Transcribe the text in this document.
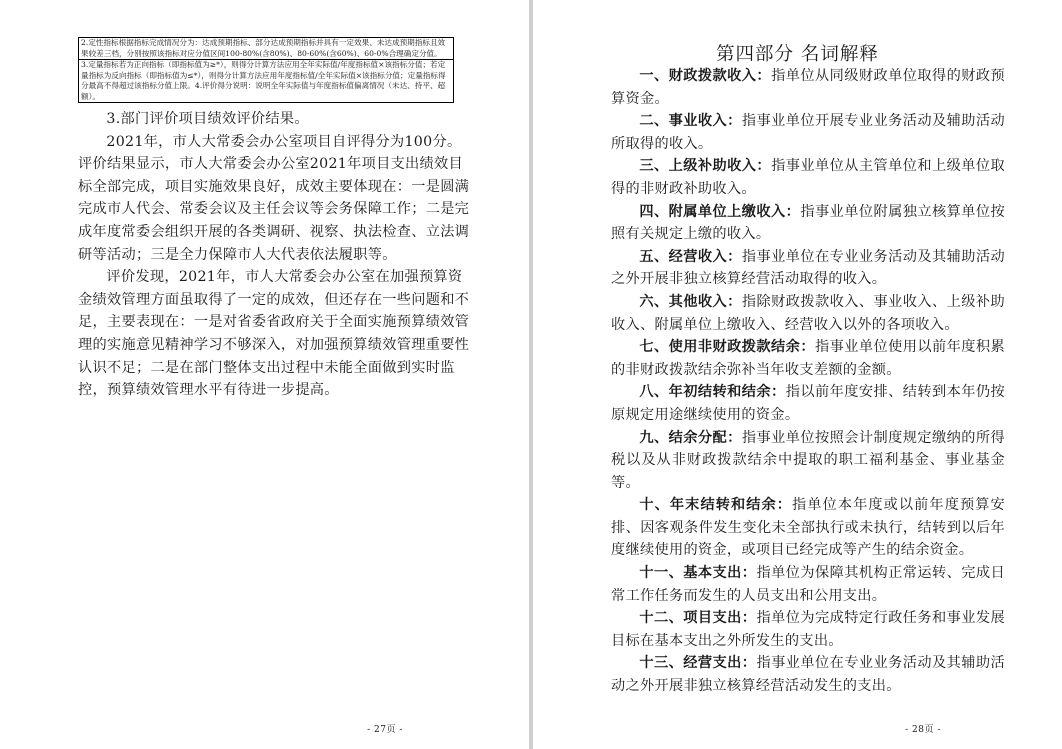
2.定性指标根据指标完成情况分为：达成预期指标、部分达成预期指标并具有一定效果、未达成预期指标且效果较差三档，分别按照该指标对应分值区间100-80%(含80%)、80-60%(含60%)、60-0%合理确定分值。
3.定量指标若为正向指标（即指标值为≥*），则得分计算方法应用全年实际值/年度指标值×该指标分值；若定量指标为反向指标（即指标值为≤*），则得分计算方法应用年度指标值/全年实际值×该指标分值；定量指标得分最高不得超过该指标分值上限。4.评价得分说明：说明全年实际值与年度指标值偏离情况（未达、持平、超额）。

3.部门评价项目绩效评价结果。

2021年，市人大常委会办公室项目自评得分为100分。评价结果显示，市人大常委会办公室2021年项目支出绩效目标全部完成，项目实施效果良好，成效主要体现在：一是圆满完成市人代会、常委会议及主任会议等会务保障工作；二是完成年度常委会组织开展的各类调研、视察、执法检查、立法调研等活动；三是全力保障市人大代表依法履职等。

评价发现，2021年，市人大常委会办公室在加强预算资金绩效管理方面虽取得了一定的成效，但还存在一些问题和不足，主要表现在：一是对省委省政府关于全面实施预算绩效管理的实施意见精神学习不够深入，对加强预算绩效管理重要性认识不足；二是在部门整体支出过程中未能全面做到实时监控，预算绩效管理水平有待进一步提高。

- 27页 -
第四部分 名词解释

一、财政拨款收入：指单位从同级财政单位取得的财政预算资金。

二、事业收入：指事业单位开展专业业务活动及辅助活动所取得的收入。

三、上级补助收入：指事业单位从主管单位和上级单位取得的非财政补助收入。

四、附属单位上缴收入：指事业单位附属独立核算单位按照有关规定上缴的收入。

五、经营收入：指事业单位在专业业务活动及其辅助活动之外开展非独立核算经营活动取得的收入。

六、其他收入：指除财政拨款收入、事业收入、上级补助收入、附属单位上缴收入、经营收入以外的各项收入。

七、使用非财政拨款结余：指事业单位使用以前年度积累的非财政拨款结余弥补当年收支差额的金额。

八、年初结转和结余：指以前年度安排、结转到本年仍按原规定用途继续使用的资金。

九、结余分配：指事业单位按照会计制度规定缴纳的所得税以及从非财政拨款结余中提取的职工福利基金、事业基金等。

十、年末结转和结余：指单位本年度或以前年度预算安排、因客观条件发生变化未全部执行或未执行，结转到以后年度继续使用的资金，或项目已经完成等产生的结余资金。

十一、基本支出：指单位为保障其机构正常运转、完成日常工作任务而发生的人员支出和公用支出。

十二、项目支出：指单位为完成特定行政任务和事业发展目标在基本支出之外所发生的支出。

十三、经营支出：指事业单位在专业业务活动及其辅助活动之外开展非独立核算经营活动发生的支出。

- 28页 -
